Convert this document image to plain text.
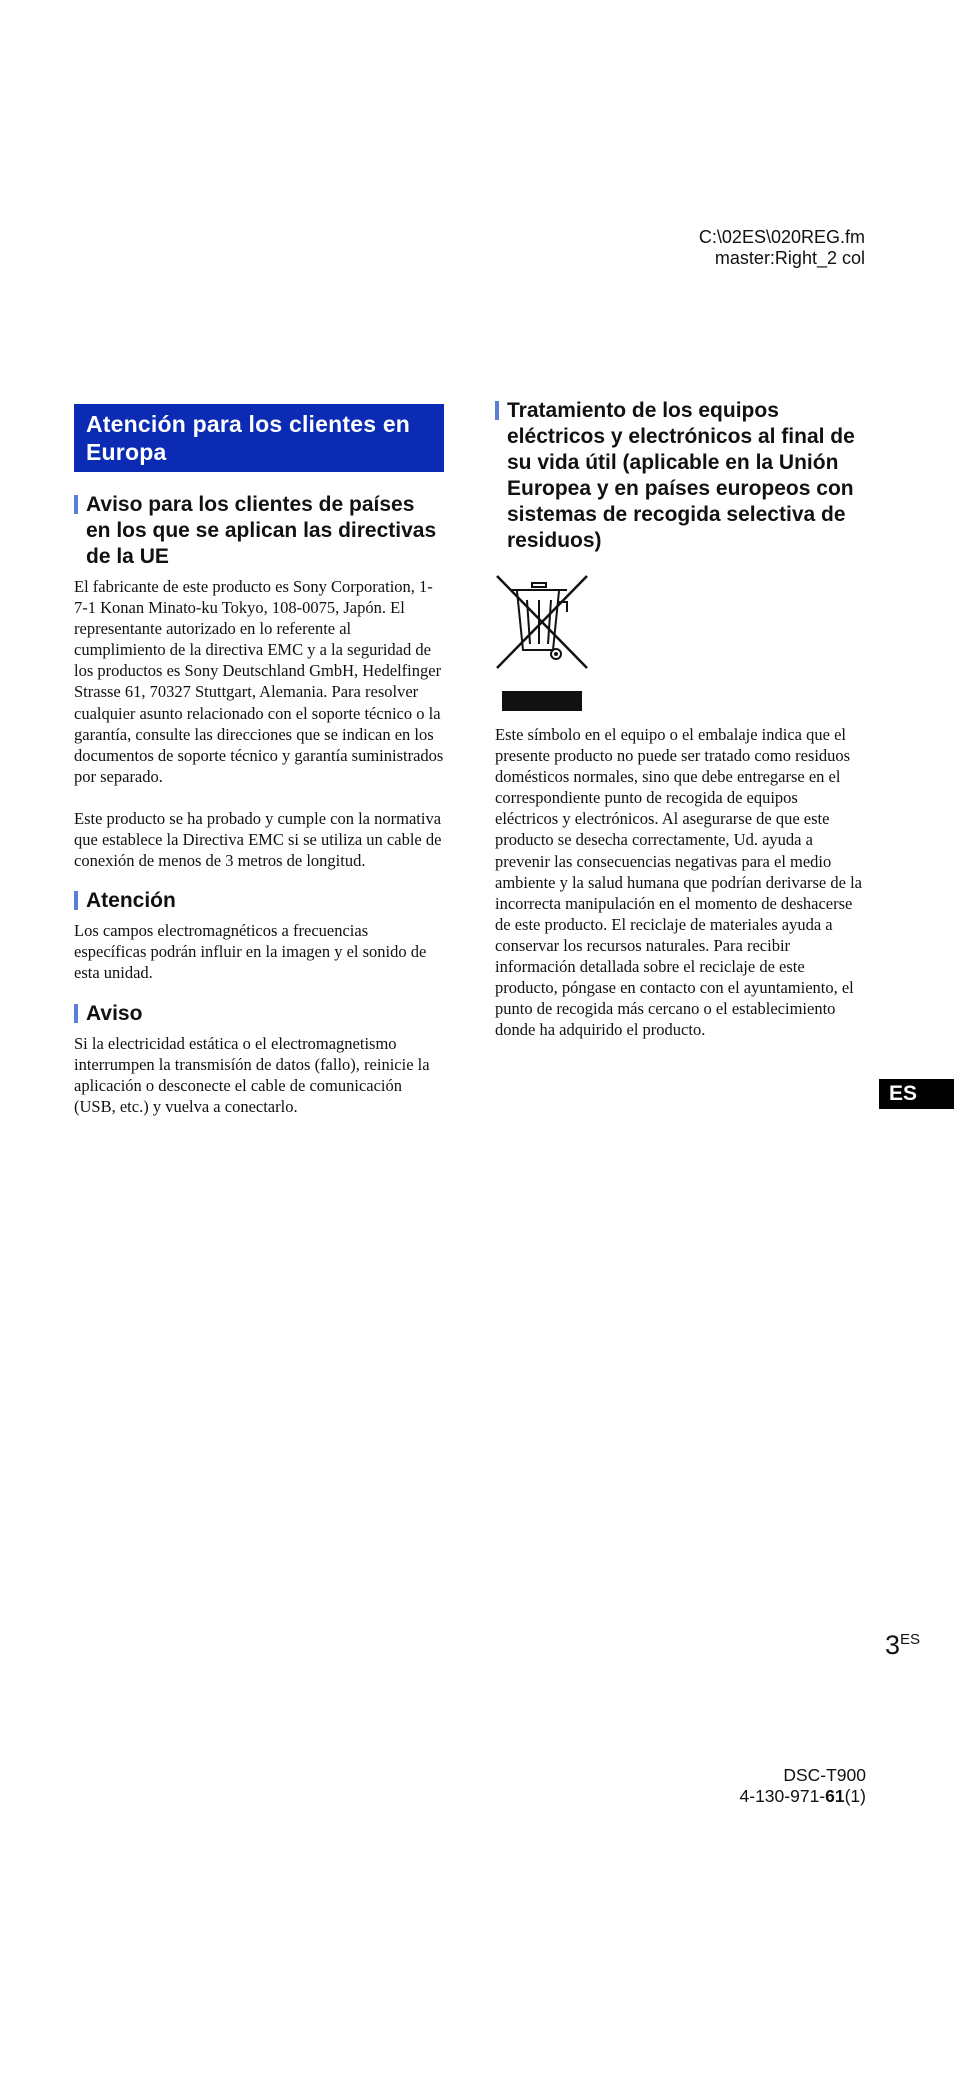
C:\02ES\020REG.fm
master:Right_2 col
Atención para los clientes en Europa
Aviso para los clientes de países en los que se aplican las directivas de la UE

El fabricante de este producto es Sony Corporation, 1-7-1 Konan Minato-ku Tokyo, 108-0075, Japón. El representante autorizado en lo referente al cumplimiento de la directiva EMC y a la seguridad de los productos es Sony Deutschland GmbH, Hedelfinger Strasse 61, 70327 Stuttgart, Alemania. Para resolver cualquier asunto relacionado con el soporte técnico o la garantía, consulte las direcciones que se indican en los documentos de soporte técnico y garantía suministrados por separado.

Este producto se ha probado y cumple con la normativa que establece la Directiva EMC si se utiliza un cable de conexión de menos de 3 metros de longitud.

Atención

Los campos electromagnéticos a frecuencias específicas podrán influir en la imagen y el sonido de esta unidad.

Aviso

Si la electricidad estática o el electromagnetismo interrumpen la transmisíón de datos (fallo), reinicie la aplicación o desconecte el cable de comunicación (USB, etc.) y vuelva a conectarlo.

Tratamiento de los equipos eléctricos y electrónicos al final de su vida útil (aplicable en la Unión Europea y en países europeos con sistemas de recogida selectiva de residuos)

Este símbolo en el equipo o el embalaje indica que el presente producto no puede ser tratado como residuos domésticos normales, sino que debe entregarse en el correspondiente punto de recogida de equipos eléctricos y electrónicos. Al asegurarse de que este producto se desecha correctamente, Ud. ayuda a prevenir las consecuencias negativas para el medio ambiente y la salud humana que podrían derivarse de la incorrecta manipulación en el momento de deshacerse de este producto. El reciclaje de materiales ayuda a conservar los recursos naturales. Para recibir información detallada sobre el reciclaje de este producto, póngase en contacto con el ayuntamiento, el punto de recogida más cercano o el establecimiento donde ha adquirido el producto.

ES
$3^{ES}$
DSC-T900
4-130-971-61(1)
